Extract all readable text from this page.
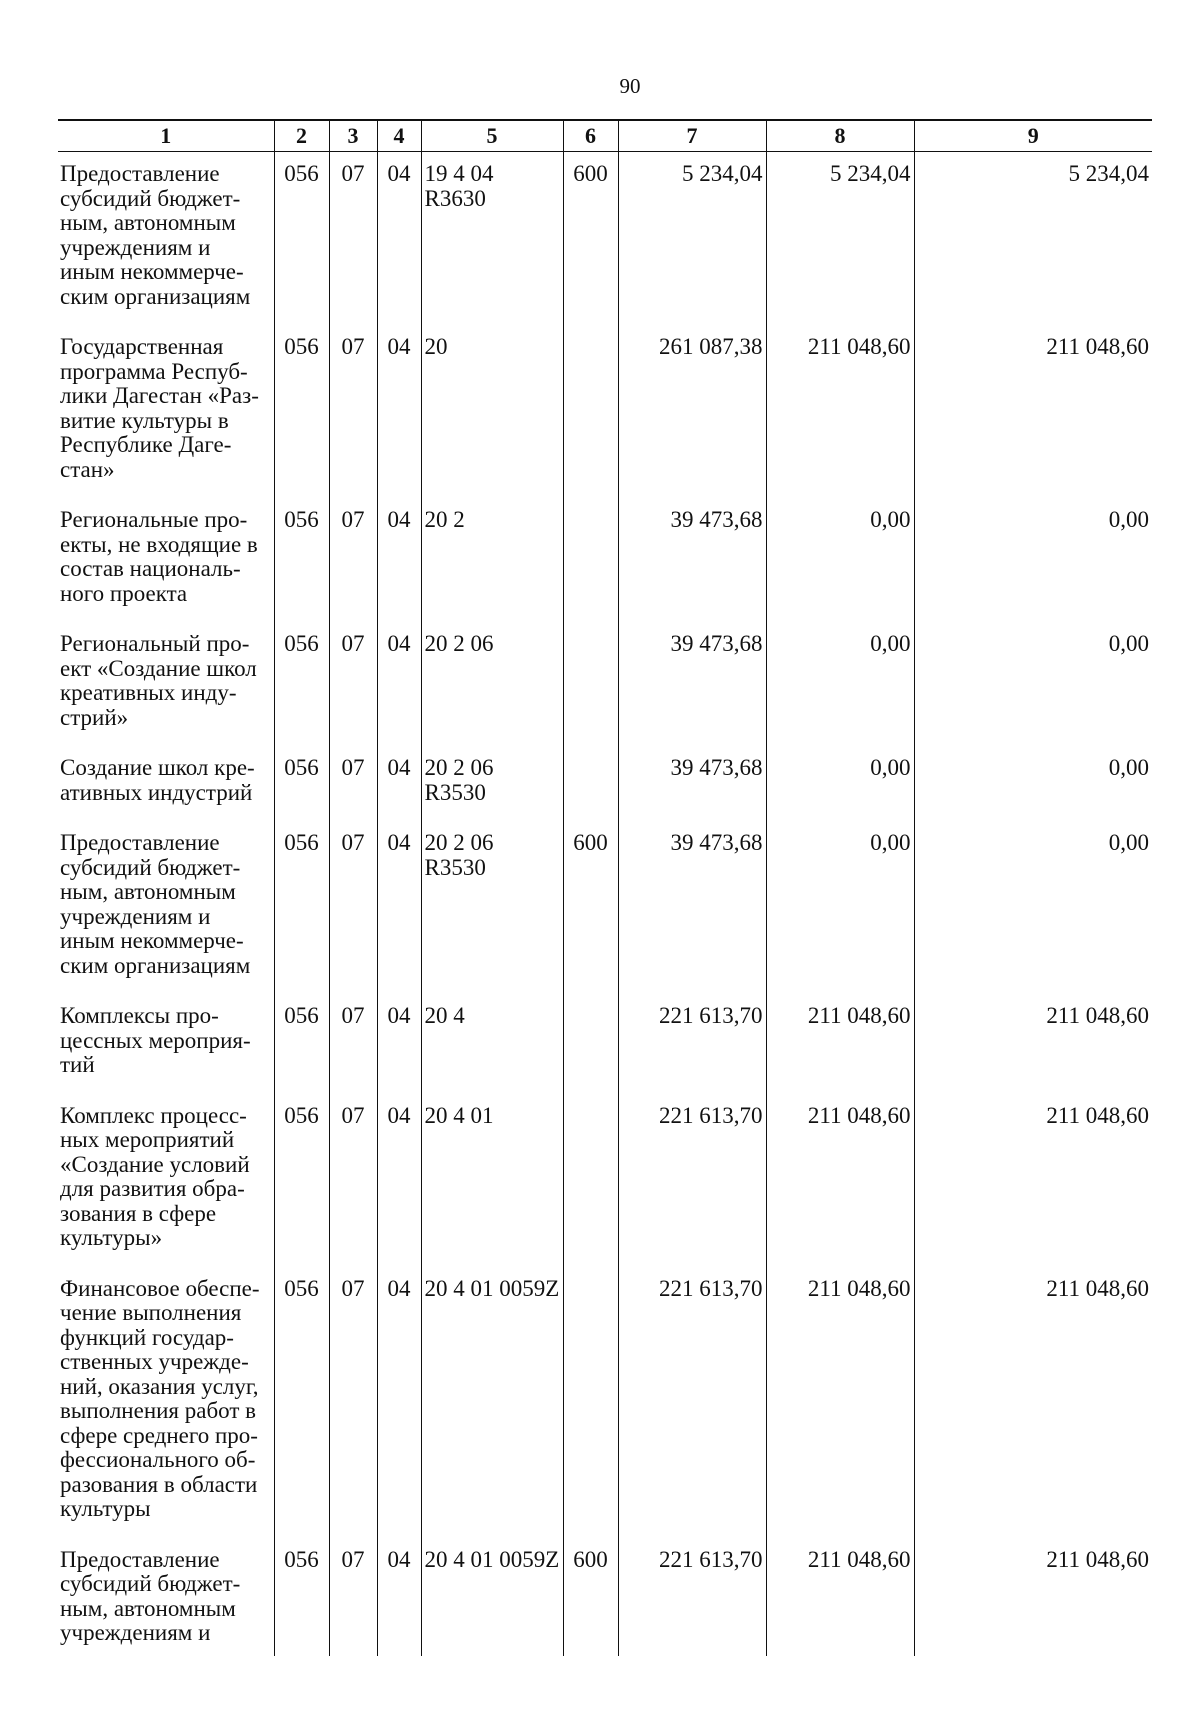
90
1	2	3	4	5	6	7	8	9
Предоставление субсидий бюджет-ным, автономным учреждениям и иным некоммерче-ским организациям	056	07	04	19 4 04 R3630	600	5 234,04	5 234,04	5 234,04
Государственная программа Респуб-лики Дагестан «Раз-витие культуры в Республике Даге-стан»	056	07	04	20		261 087,38	211 048,60	211 048,60
Региональные про-екты, не входящие в состав националь-ного проекта	056	07	04	20 2		39 473,68	0,00	0,00
Региональный про-ект «Создание школ креативных инду-стрий»	056	07	04	20 2 06		39 473,68	0,00	0,00
Создание школ кре-ативных индустрий	056	07	04	20 2 06 R3530		39 473,68	0,00	0,00
Предоставление субсидий бюджет-ным, автономным учреждениям и иным некоммерче-ским организациям	056	07	04	20 2 06 R3530	600	39 473,68	0,00	0,00
Комплексы про-цессных мероприя-тий	056	07	04	20 4		221 613,70	211 048,60	211 048,60
Комплекс процесс-ных мероприятий «Создание условий для развития обра-зования в сфере культуры»	056	07	04	20 4 01		221 613,70	211 048,60	211 048,60
Финансовое обеспе-чение выполнения функций государ-ственных учрежде-ний, оказания услуг, выполнения работ в сфере среднего про-фессионального об-разования в области культуры	056	07	04	20 4 01 0059Z		221 613,70	211 048,60	211 048,60
Предоставление субсидий бюджет-ным, автономным учреждениям и	056	07	04	20 4 01 0059Z	600	221 613,70	211 048,60	211 048,60
